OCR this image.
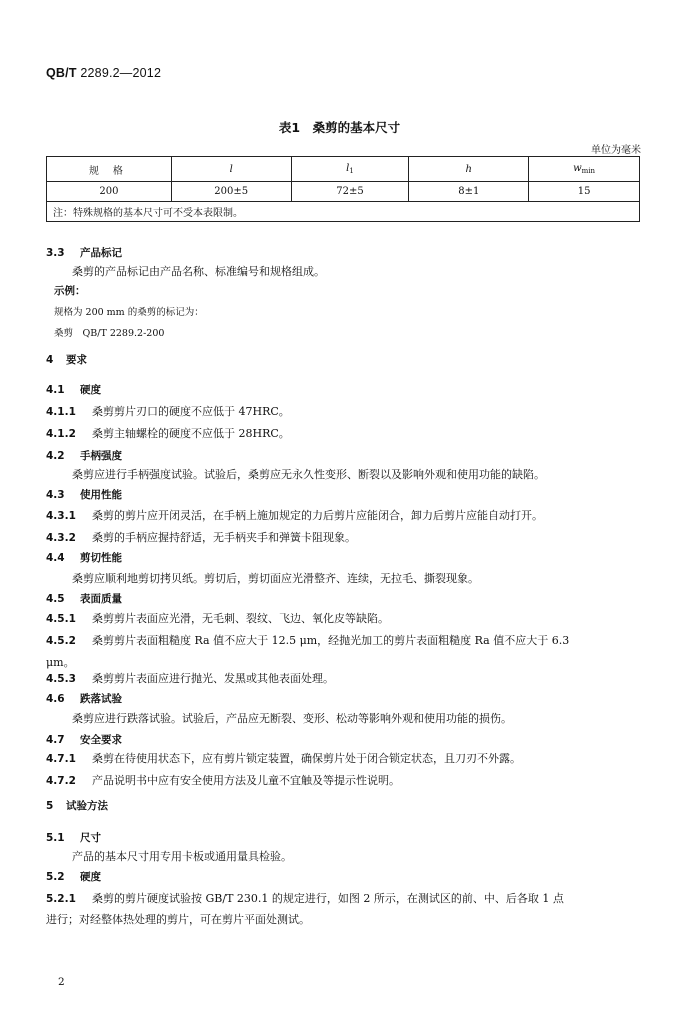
QB/T 2289.2—2012
表1　桑剪的基本尺寸
单位为毫米
规格	l	$l_1$	h	$w_{min}$
200	200±5	72±5	8±1	15
注：特殊规格的基本尺寸可不受本表限制。				
3.3 产品标记
桑剪的产品标记由产品名称、标准编号和规格组成。
示例：
规格为 200 mm 的桑剪的标记为：
桑剪　QB/T 2289.2-200
4 要求
4.1 硬度
4.1.1 桑剪剪片刃口的硬度不应低于 47HRC。
4.1.2 桑剪主轴螺栓的硬度不应低于 28HRC。
4.2 手柄强度
桑剪应进行手柄强度试验。试验后，桑剪应无永久性变形、断裂以及影响外观和使用功能的缺陷。
4.3 使用性能
4.3.1 桑剪的剪片应开闭灵活，在手柄上施加规定的力后剪片应能闭合，卸力后剪片应能自动打开。
4.3.2 桑剪的手柄应握持舒适，无手柄夹手和弹簧卡阻现象。
4.4 剪切性能
桑剪应顺利地剪切拷贝纸。剪切后，剪切面应光滑整齐、连续，无拉毛、撕裂现象。
4.5 表面质量
4.5.1 桑剪剪片表面应光滑，无毛刺、裂纹、飞边、氧化皮等缺陷。
4.5.2 桑剪剪片表面粗糙度 Ra 值不应大于 12.5 μm，经抛光加工的剪片表面粗糙度 Ra 值不应大于 6.3
μm。
4.5.3 桑剪剪片表面应进行抛光、发黑或其他表面处理。
4.6 跌落试验
桑剪应进行跌落试验。试验后，产品应无断裂、变形、松动等影响外观和使用功能的损伤。
4.7 安全要求
4.7.1 桑剪在待使用状态下，应有剪片锁定装置，确保剪片处于闭合锁定状态，且刀刃不外露。
4.7.2 产品说明书中应有安全使用方法及儿童不宜触及等提示性说明。
5 试验方法
5.1 尺寸
产品的基本尺寸用专用卡板或通用量具检验。
5.2 硬度
5.2.1 桑剪的剪片硬度试验按 GB/T 230.1 的规定进行，如图 2 所示，在测试区的前、中、后各取 1 点
进行；对经整体热处理的剪片，可在剪片平面处测试。
2
